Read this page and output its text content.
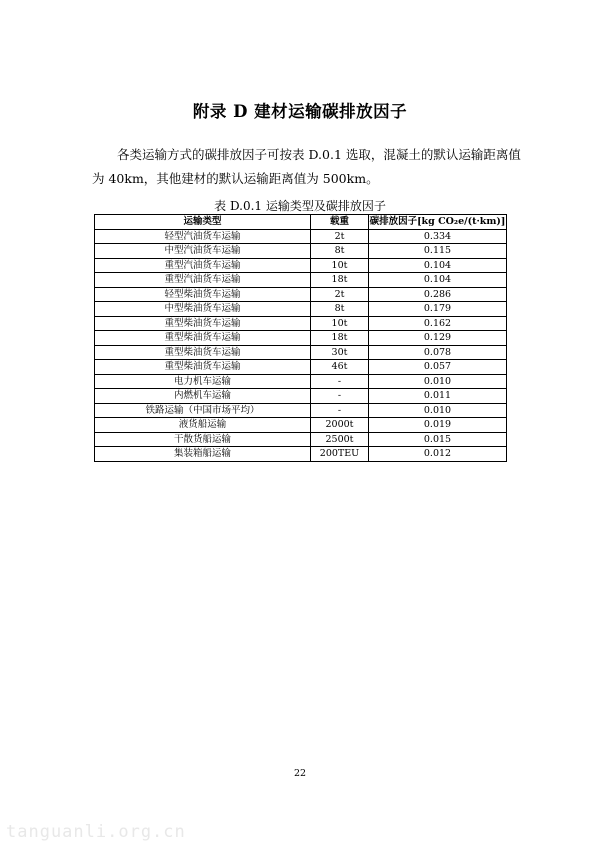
附录 D 建材运输碳排放因子

各类运输方式的碳排放因子可按表 D.0.1 选取，混凝土的默认运输距离值为 40km，其他建材的默认运输距离值为 500km。

表 D.0.1 运输类型及碳排放因子
运输类型	载重	碳排放因子[kg CO₂e/(t·km)]
轻型汽油货车运输	2t	0.334
中型汽油货车运输	8t	0.115
重型汽油货车运输	10t	0.104
重型汽油货车运输	18t	0.104
轻型柴油货车运输	2t	0.286
中型柴油货车运输	8t	0.179
重型柴油货车运输	10t	0.162
重型柴油货车运输	18t	0.129
重型柴油货车运输	30t	0.078
重型柴油货车运输	46t	0.057
电力机车运输	-	0.010
内燃机车运输	-	0.011
铁路运输（中国市场平均）	-	0.010
液货船运输	2000t	0.019
干散货船运输	2500t	0.015
集装箱船运输	200TEU	0.012
22
tanguanli.org.cn
